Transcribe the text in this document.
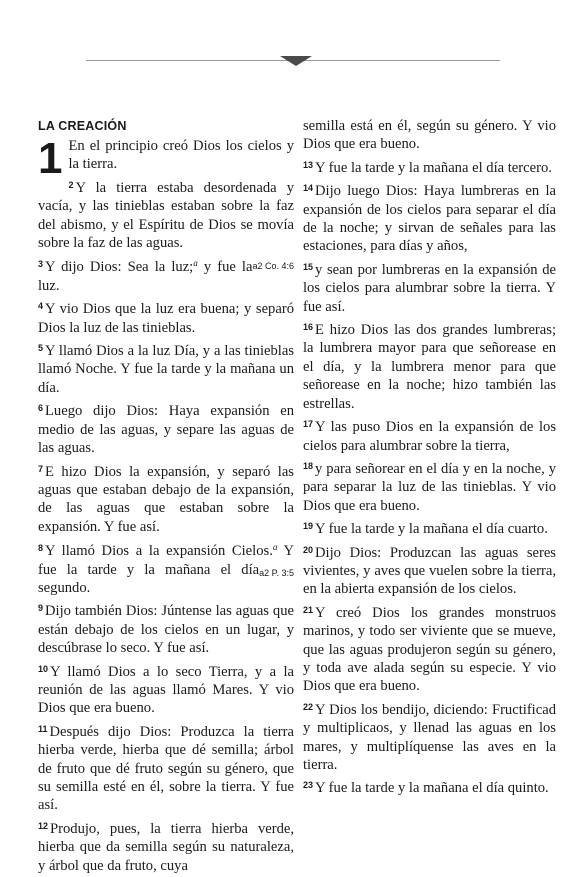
LA CREACIÓN

1 En el principio creó Dios los cielos y la tierra.

$^2$ Y la tierra estaba desordenada y vacía, y las tinieblas estaban sobre la faz del abismo, y el Espíritu de Dios se movía sobre la faz de las aguas.

$^3$ Y dijo Dios: Sea la luz;$^a$	a2 Co. 4:6
y fue la luz.

$^4$ Y vio Dios que la luz era buena; y separó Dios la luz de las tinieblas.

$^5$ Y llamó Dios a la luz Día, y a las tinieblas llamó Noche. Y fue la tarde y la mañana un día.

$^6$ Luego dijo Dios: Haya expansión en medio de las aguas, y separe las aguas de las aguas.

$^7$ E hizo Dios la expansión, y separó las aguas que estaban debajo de la expansión, de las aguas que estaban sobre la expansión. Y fue así.

$^8$ Y llamó Dios a la expansión Cielos.$^a$
a2 P. 3:5
Y fue la tarde y la mañana el día segundo.

$^9$ Dijo también Dios: Júntense las aguas que están debajo de los cielos en un lugar, y descúbrase lo seco. Y fue así.

$^{10}$ Y llamó Dios a lo seco Tierra, y a la reunión de las aguas llamó Mares. Y vio Dios que era bueno.

$^{11}$ Después dijo Dios: Produzca la tierra hierba verde, hierba que dé semilla; árbol de fruto que dé fruto según su género, que su semilla esté en él, sobre la tierra. Y fue así.

$^{12}$ Produjo, pues, la tierra hierba verde, hierba que da semilla según su naturaleza, y árbol que da fruto, cuya

semilla está en él, según su género. Y vio Dios que era bueno.

$^{13}$ Y fue la tarde y la mañana el día tercero.

$^{14}$ Dijo luego Dios: Haya lumbreras en la expansión de los cielos para separar el día de la noche; y sirvan de señales para las estaciones, para días y años,

$^{15}$ y sean por lumbreras en la expansión de los cielos para alumbrar sobre la tierra. Y fue así.

$^{16}$ E hizo Dios las dos grandes lumbreras; la lumbrera mayor para que señorease en el día, y la lumbrera menor para que señorease en la noche; hizo también las estrellas.

$^{17}$ Y las puso Dios en la expansión de los cielos para alumbrar sobre la tierra,

$^{18}$ y para señorear en el día y en la noche, y para separar la luz de las tinieblas. Y vio Dios que era bueno.

$^{19}$ Y fue la tarde y la mañana el día cuarto.

$^{20}$ Dijo Dios: Produzcan las aguas seres vivientes, y aves que vuelen sobre la tierra, en la abierta expansión de los cielos.

$^{21}$ Y creó Dios los grandes monstruos marinos, y todo ser viviente que se mueve, que las aguas produjeron según su género, y toda ave alada según su especie. Y vio Dios que era bueno.

$^{22}$ Y Dios los bendijo, diciendo: Fructificad y multiplicaos, y llenad las aguas en los mares, y multiplíquense las aves en la tierra.

$^{23}$ Y fue la tarde y la mañana el día quinto.
